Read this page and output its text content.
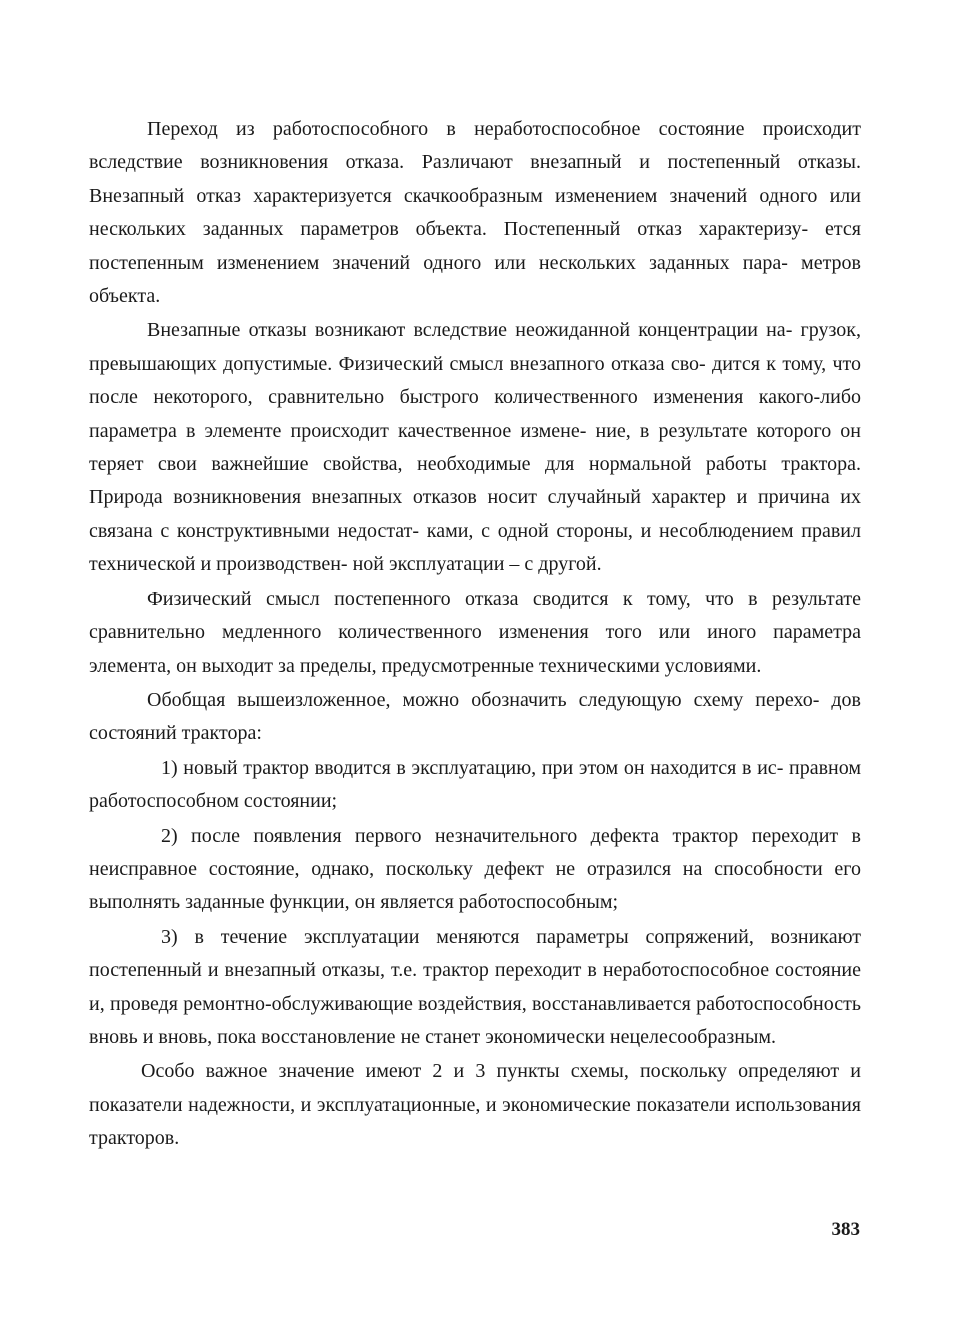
Переход из работоспособного в неработоспособное состояние происходит вследствие возникновения отказа. Различают внезапный и постепенный отказы. Внезапный отказ характеризуется скачкообразным изменением значений одного или нескольких заданных параметров объекта. Постепенный отказ характеризу- ется постепенным изменением значений одного или нескольких заданных пара- метров объекта.

Внезапные отказы возникают вследствие неожиданной концентрации на- грузок, превышающих допустимые. Физический смысл внезапного отказа сво- дится к тому, что после некоторого, сравнительно быстрого количественного изменения какого-либо параметра в элементе происходит качественное измене- ние, в результате которого он теряет свои важнейшие свойства, необходимые для нормальной работы трактора. Природа возникновения внезапных отказов носит случайный характер и причина их связана с конструктивными недостат- ками, с одной стороны, и несоблюдением правил технической и производствен- ной эксплуатации – с другой.

Физический смысл постепенного отказа сводится к тому, что в результате сравнительно медленного количественного изменения того или иного параметра элемента, он выходит за пределы, предусмотренные техническими условиями.

Обобщая вышеизложенное, можно обозначить следующую схему перехо- дов состояний трактора:

1) новый трактор вводится в эксплуатацию, при этом он находится в ис- правном работоспособном состоянии;

2) после появления первого незначительного дефекта трактор переходит в неисправное состояние, однако, поскольку дефект не отразился на способности его выполнять заданные функции, он является работоспособным;

3) в течение эксплуатации меняются параметры сопряжений, возникают постепенный и внезапный отказы, т.е. трактор переходит в неработоспособное состояние и, проведя ремонтно-обслуживающие воздействия, восстанавливается работоспособность вновь и вновь, пока восстановление не станет экономически нецелесообразным.

Особо важное значение имеют 2 и 3 пункты схемы, поскольку определяют и показатели надежности, и эксплуатационные, и экономические показатели использования тракторов.

383
